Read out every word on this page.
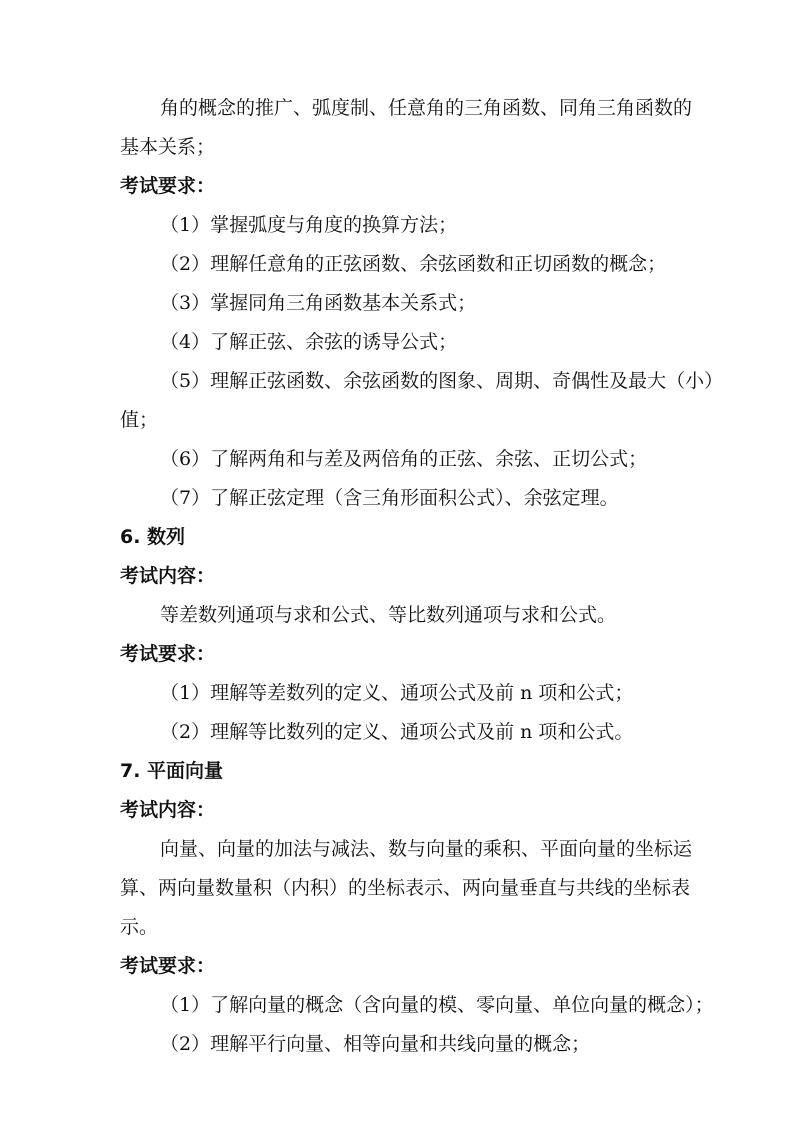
角的概念的推广、弧度制、任意角的三角函数、同角三角函数的
基本关系；
考试要求：
（1）掌握弧度与角度的换算方法；
（2）理解任意角的正弦函数、余弦函数和正切函数的概念；
（3）掌握同角三角函数基本关系式；
（4）了解正弦、余弦的诱导公式；
（5）理解正弦函数、余弦函数的图象、周期、奇偶性及最大（小）
值；
（6）了解两角和与差及两倍角的正弦、余弦、正切公式；
（7）了解正弦定理（含三角形面积公式）、余弦定理。
6. 数列
考试内容：
等差数列通项与求和公式、等比数列通项与求和公式。
考试要求：
（1）理解等差数列的定义、通项公式及前 n 项和公式；
（2）理解等比数列的定义、通项公式及前 n 项和公式。
7. 平面向量
考试内容：
向量、向量的加法与减法、数与向量的乘积、平面向量的坐标运
算、两向量数量积（内积）的坐标表示、两向量垂直与共线的坐标表
示。
考试要求：
（1）了解向量的概念（含向量的模、零向量、单位向量的概念）；
（2）理解平行向量、相等向量和共线向量的概念；
